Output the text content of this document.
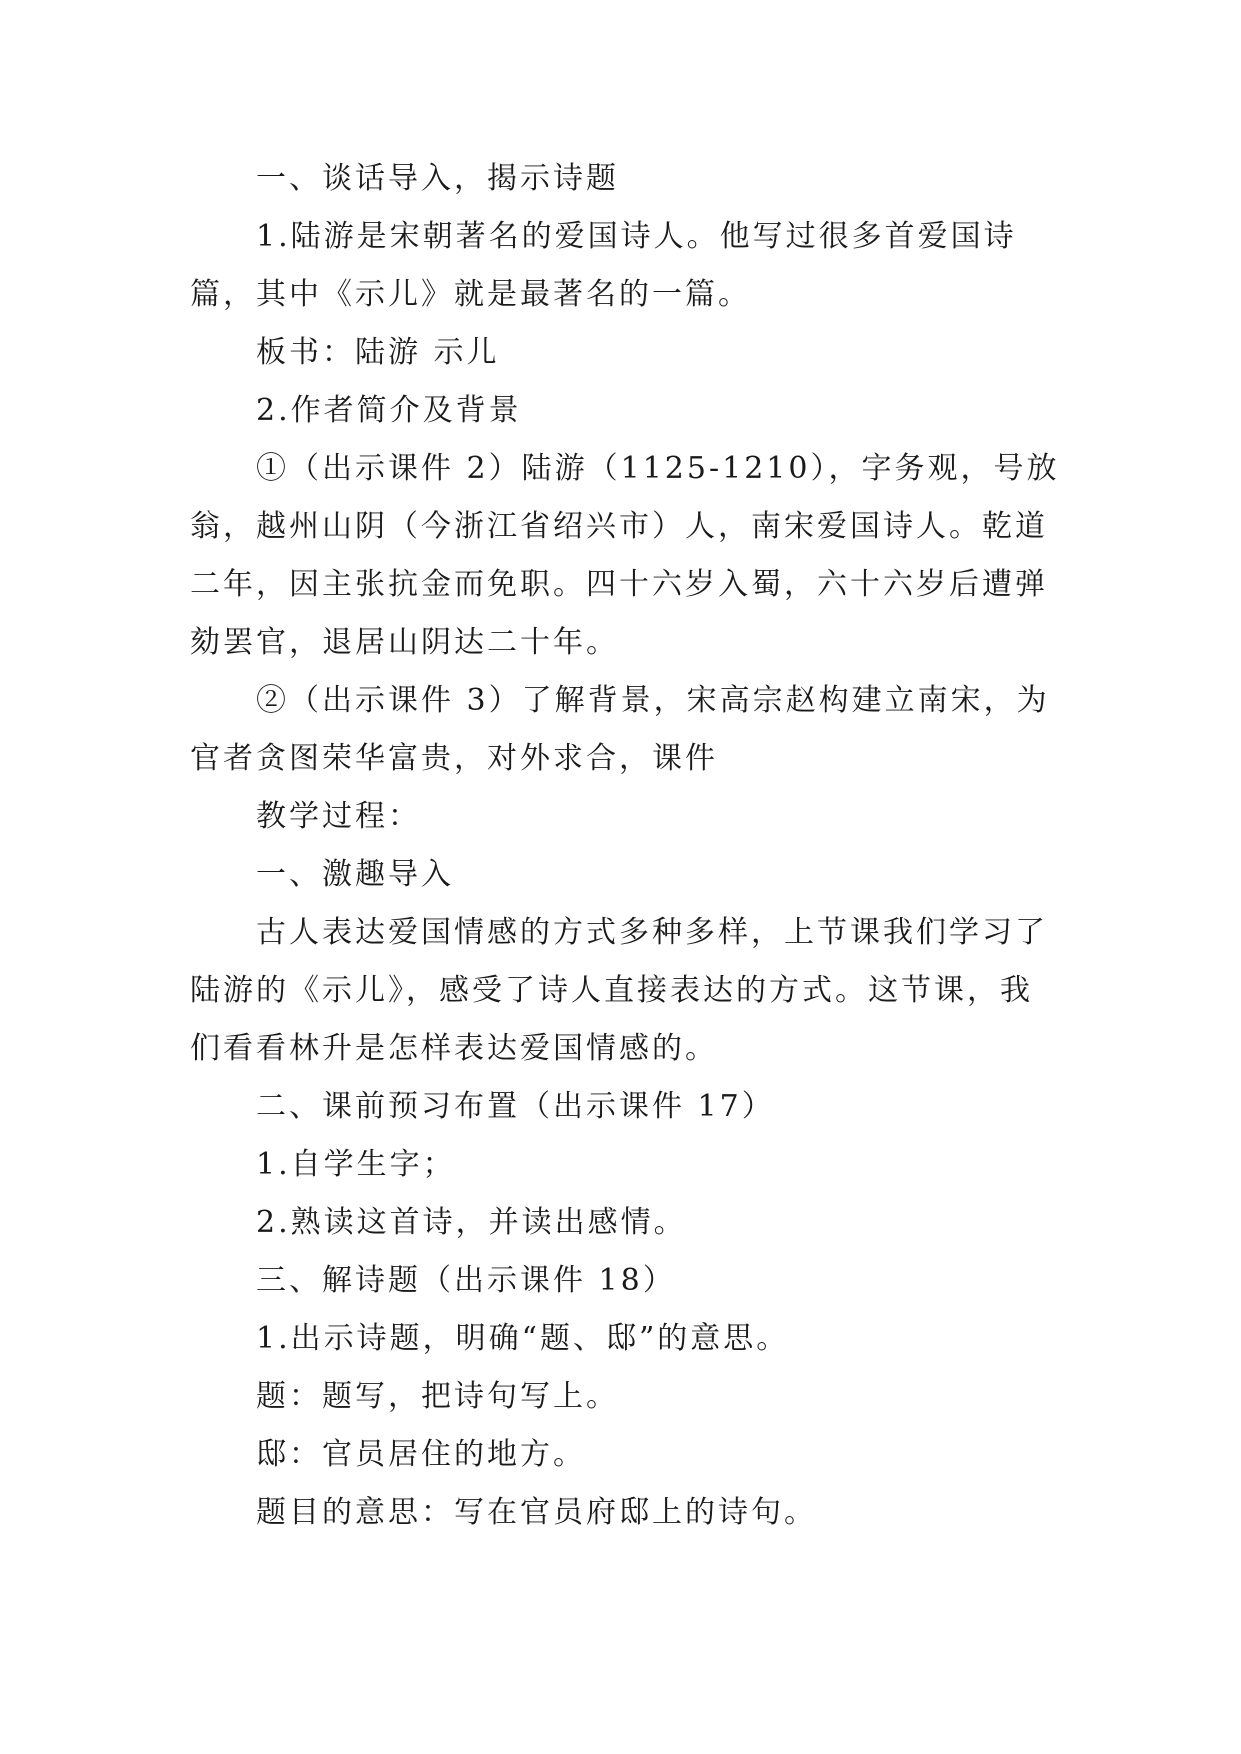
一、谈话导入，揭示诗题

1.陆游是宋朝著名的爱国诗人。他写过很多首爱国诗篇，其中《示儿》就是最著名的一篇。

板书：陆游 示儿

2.作者简介及背景

①（出示课件 2）陆游（1125-1210），字务观，号放翁，越州山阴（今浙江省绍兴市）人，南宋爱国诗人。乾道二年，因主张抗金而免职。四十六岁入蜀，六十六岁后遭弹劾罢官，退居山阴达二十年。

②（出示课件 3）了解背景，宋高宗赵构建立南宋，为官者贪图荣华富贵，对外求合，课件

教学过程：

一、激趣导入

古人表达爱国情感的方式多种多样，上节课我们学习了陆游的《示儿》，感受了诗人直接表达的方式。这节课，我们看看林升是怎样表达爱国情感的。

二、课前预习布置（出示课件 17）

1.自学生字；

2.熟读这首诗，并读出感情。

三、解诗题（出示课件 18）

1.出示诗题，明确“题、邸”的意思。

题：题写，把诗句写上。

邸：官员居住的地方。

题目的意思：写在官员府邸上的诗句。
